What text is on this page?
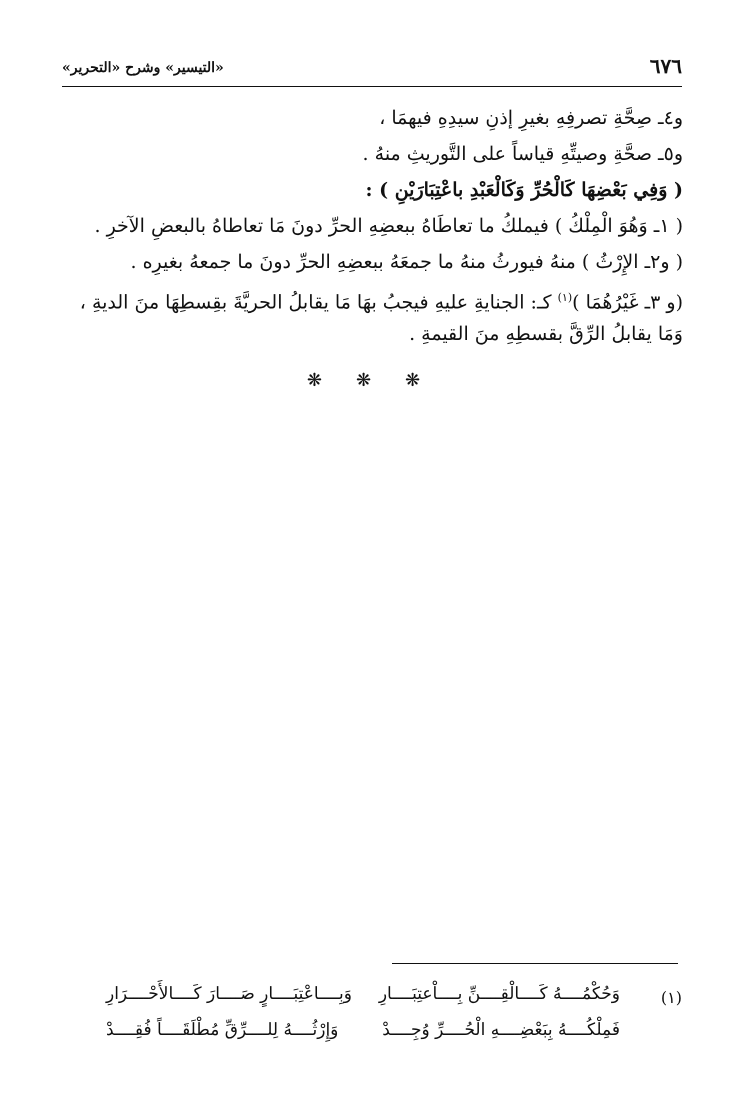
٦٧٦
«التيسير» وشرح «التحرير»
و٤ـ صِحَّةِ تصرفِهِ بغيرِ إذنِ سيدِهِ فيهمَا ،
و٥ـ صحَّةِ وصيتِّهِ قياساً على التَّوريثِ منهُ .
( وَفِي بَعْضِهَا كَالْحُرِّ وَكَالْعَبْدِ باعْتِبَارَيْنِ ) :
( ١ـ وَهُوَ الْمِلْكُ ) فيملكُ ما تعاطَاهُ ببعضِهِ الحرِّ دونَ مَا تعاطاهُ بالبعضِ الآخرِ .
( و٢ـ الإِرْثُ ) منهُ فيورثُ منهُ ما جمعَهُ ببعضِهِ الحرِّ دونَ ما جمعهُ بغيرِه .
(و ٣ـ غَيْرُهُمَا )$^{(١)}$ كـ: الجنايةِ عليهِ فيجبُ بهَا مَا يقابلُ الحريَّةَ بقِسطِهَا منَ الديةِ ،
وَمَا يقابلُ الرِّقَّ بقسطِهِ منَ القيمةِ .
❋ ❋ ❋
(١)
وَحُكْمُــــهُ كَــــالْقِــــنِّ بِــــاْعتِبَــــارِ
وَبِــــاعْتِبَــــارٍ صَــــارَ كَــــالأَحْــــرَارِ
فَمِلْكُــــهُ بِبَعْضِــــهِ الْحُــــرِّ وُجِــــدْ
وَإِرْثُــــهُ لِلــــرِّقِّ مُطْلَقَــــاً فُقِــــدْ
